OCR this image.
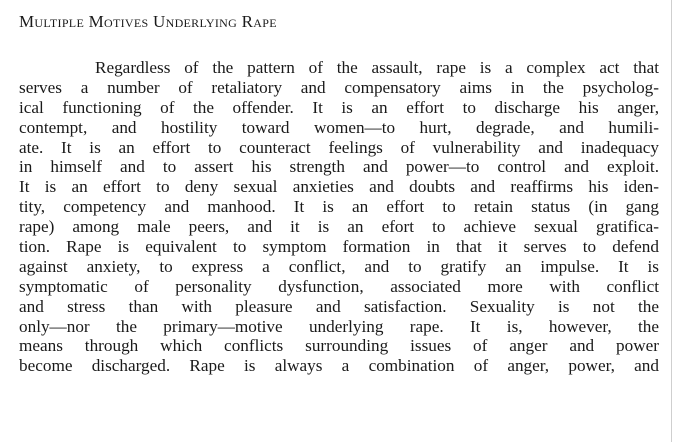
Multiple Motives Underlying Rape
Regardless of the pattern of the assault, rape is a complex act that
serves a number of retaliatory and compensatory aims in the psycholog-
ical functioning of the offender. It is an effort to discharge his anger,
contempt, and hostility toward women—to hurt, degrade, and humili-
ate. It is an effort to counteract feelings of vulnerability and inadequacy
in himself and to assert his strength and power—to control and exploit.
It is an effort to deny sexual anxieties and doubts and reaffirms his iden-
tity, competency and manhood. It is an effort to retain status (in gang
rape) among male peers, and it is an efort to achieve sexual gratifica-
tion. Rape is equivalent to symptom formation in that it serves to defend
against anxiety, to express a conflict, and to gratify an impulse. It is
symptomatic of personality dysfunction, associated more with conflict
and stress than with pleasure and satisfaction. Sexuality is not the
only—nor the primary—motive underlying rape. It is, however, the
means through which conflicts surrounding issues of anger and power
become discharged. Rape is always a combination of anger, power, and
